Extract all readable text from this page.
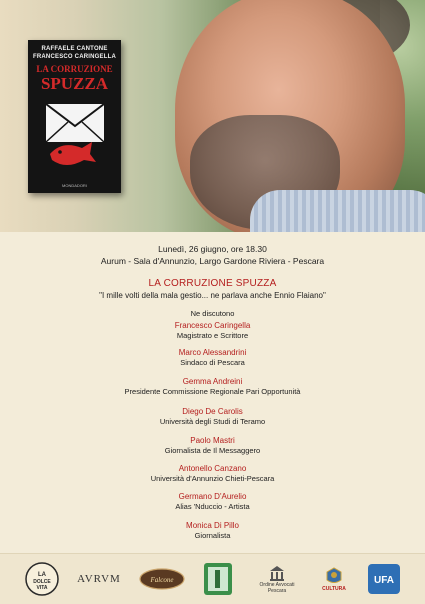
RAFFAELE CANTONE
FRANCESCO CARINGELLA
LA CORRUZIONE
SPUZZA
MONDADORI
Lunedì, 26 giugno, ore 18.30
Aurum - Sala d'Annunzio, Largo Gardone Riviera - Pescara
LA CORRUZIONE SPUZZA
"I mille volti della mala gestio... ne parlava anche Ennio Flaiano"
Ne discutono
Francesco Caringella
Magistrato e Scrittore
Marco Alessandrini
Sindaco di Pescara
Gemma Andreini
Presidente Commissione Regionale Pari Opportunità
Diego De Carolis
Università degli Studi di Teramo
Paolo Mastri
Giornalista de Il Messaggero
Antonello Canzano
Università d'Annunzio Chieti-Pescara
Germano D'Aurelio
Alias 'Nduccio - Artista
Monica Di Pillo
Giornalista
LA
DOLCE
VITA
AVRVM	Falcone
Ordine Avvocati Pescara	CULTURA
UFA
